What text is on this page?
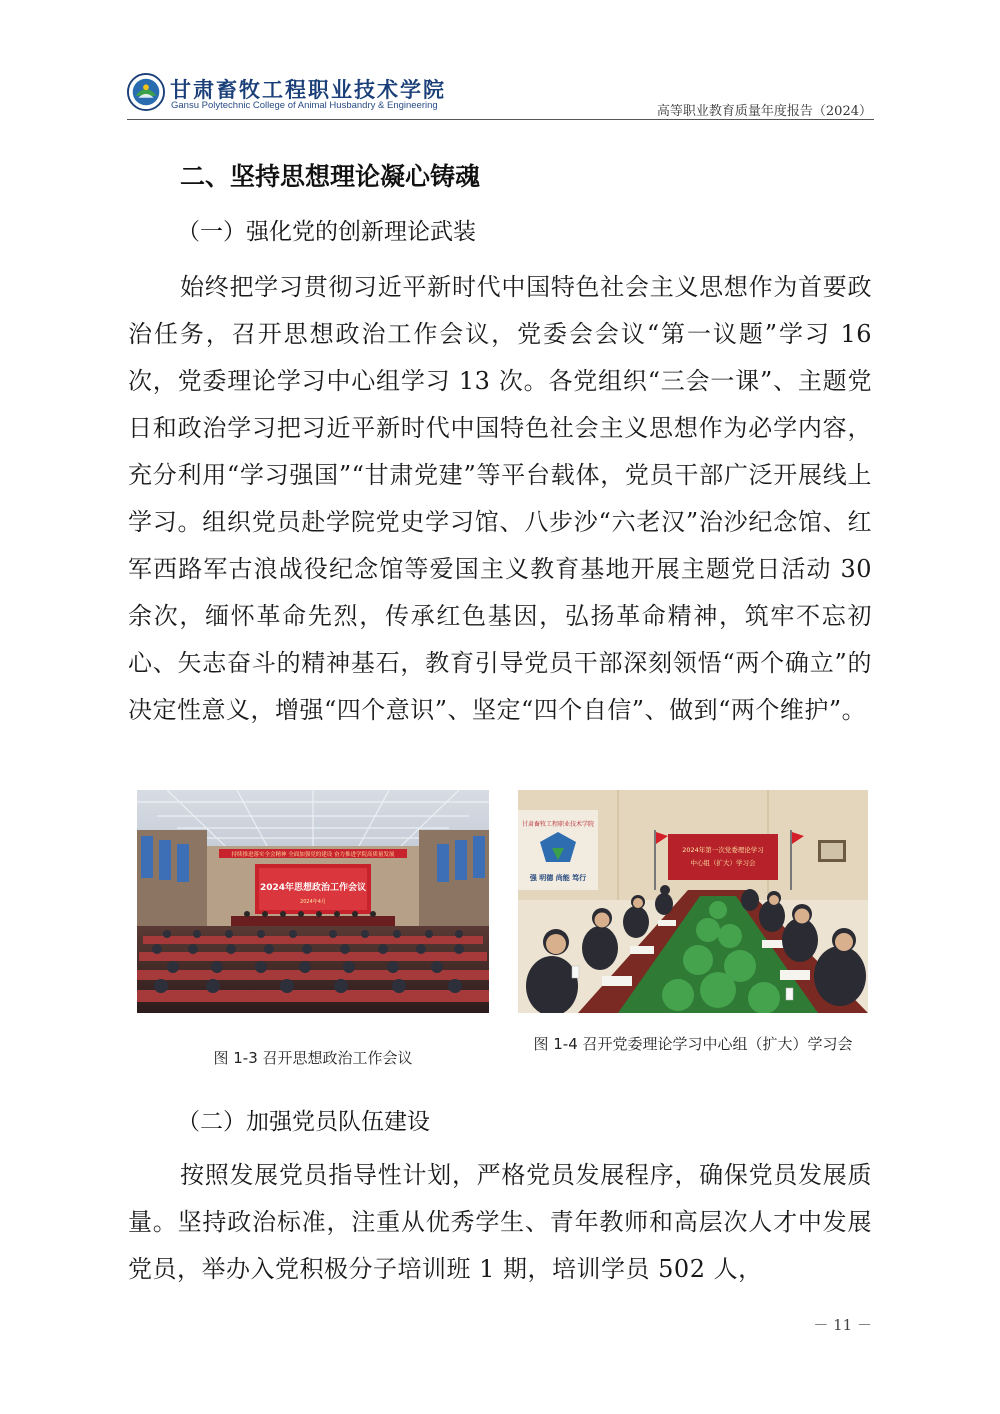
甘肃畜牧工程职业技术学院
Gansu Polytechnic College of Animal Husbandry & Engineering	高等职业教育质量年度报告（2024）
二、坚持思想理论凝心铸魂
（一）强化党的创新理论武装
始终把学习贯彻习近平新时代中国特色社会主义思想作为首要政治任务，召开思想政治工作会议，党委会会议“第一议题”学习 16 次，党委理论学习中心组学习 13 次。各党组织“三会一课”、主题党日和政治学习把习近平新时代中国特色社会主义思想作为必学内容，充分利用“学习强国”“甘肃党建”等平台载体，党员干部广泛开展线上学习。组织党员赴学院党史学习馆、八步沙“六老汉”治沙纪念馆、红军西路军古浪战役纪念馆等爱国主义教育基地开展主题党日活动 30 余次，缅怀革命先烈，传承红色基因，弘扬革命精神，筑牢不忘初心、矢志奋斗的精神基石，教育引导党员干部深刻领悟“两个确立”的决定性意义，增强“四个意识”、坚定“四个自信”、做到“两个维护”。
持续推进落实全会精神 全面加强党的建设 奋力推进学院高质量发展
2024年思想政治工作会议
2024年4月
甘肃畜牧工程职业技术学院
强 明德 尚能 笃行
2024年第一次党委理论学习
中心组（扩大）学习会
图 1-3 召开思想政治工作会议
图 1-4 召开党委理论学习中心组（扩大）学习会
（二）加强党员队伍建设
按照发展党员指导性计划，严格党员发展程序，确保党员发展质量。坚持政治标准，注重从优秀学生、青年教师和高层次人才中发展党员，举办入党积极分子培训班 1 期，培训学员 502 人，
－ 11 －
